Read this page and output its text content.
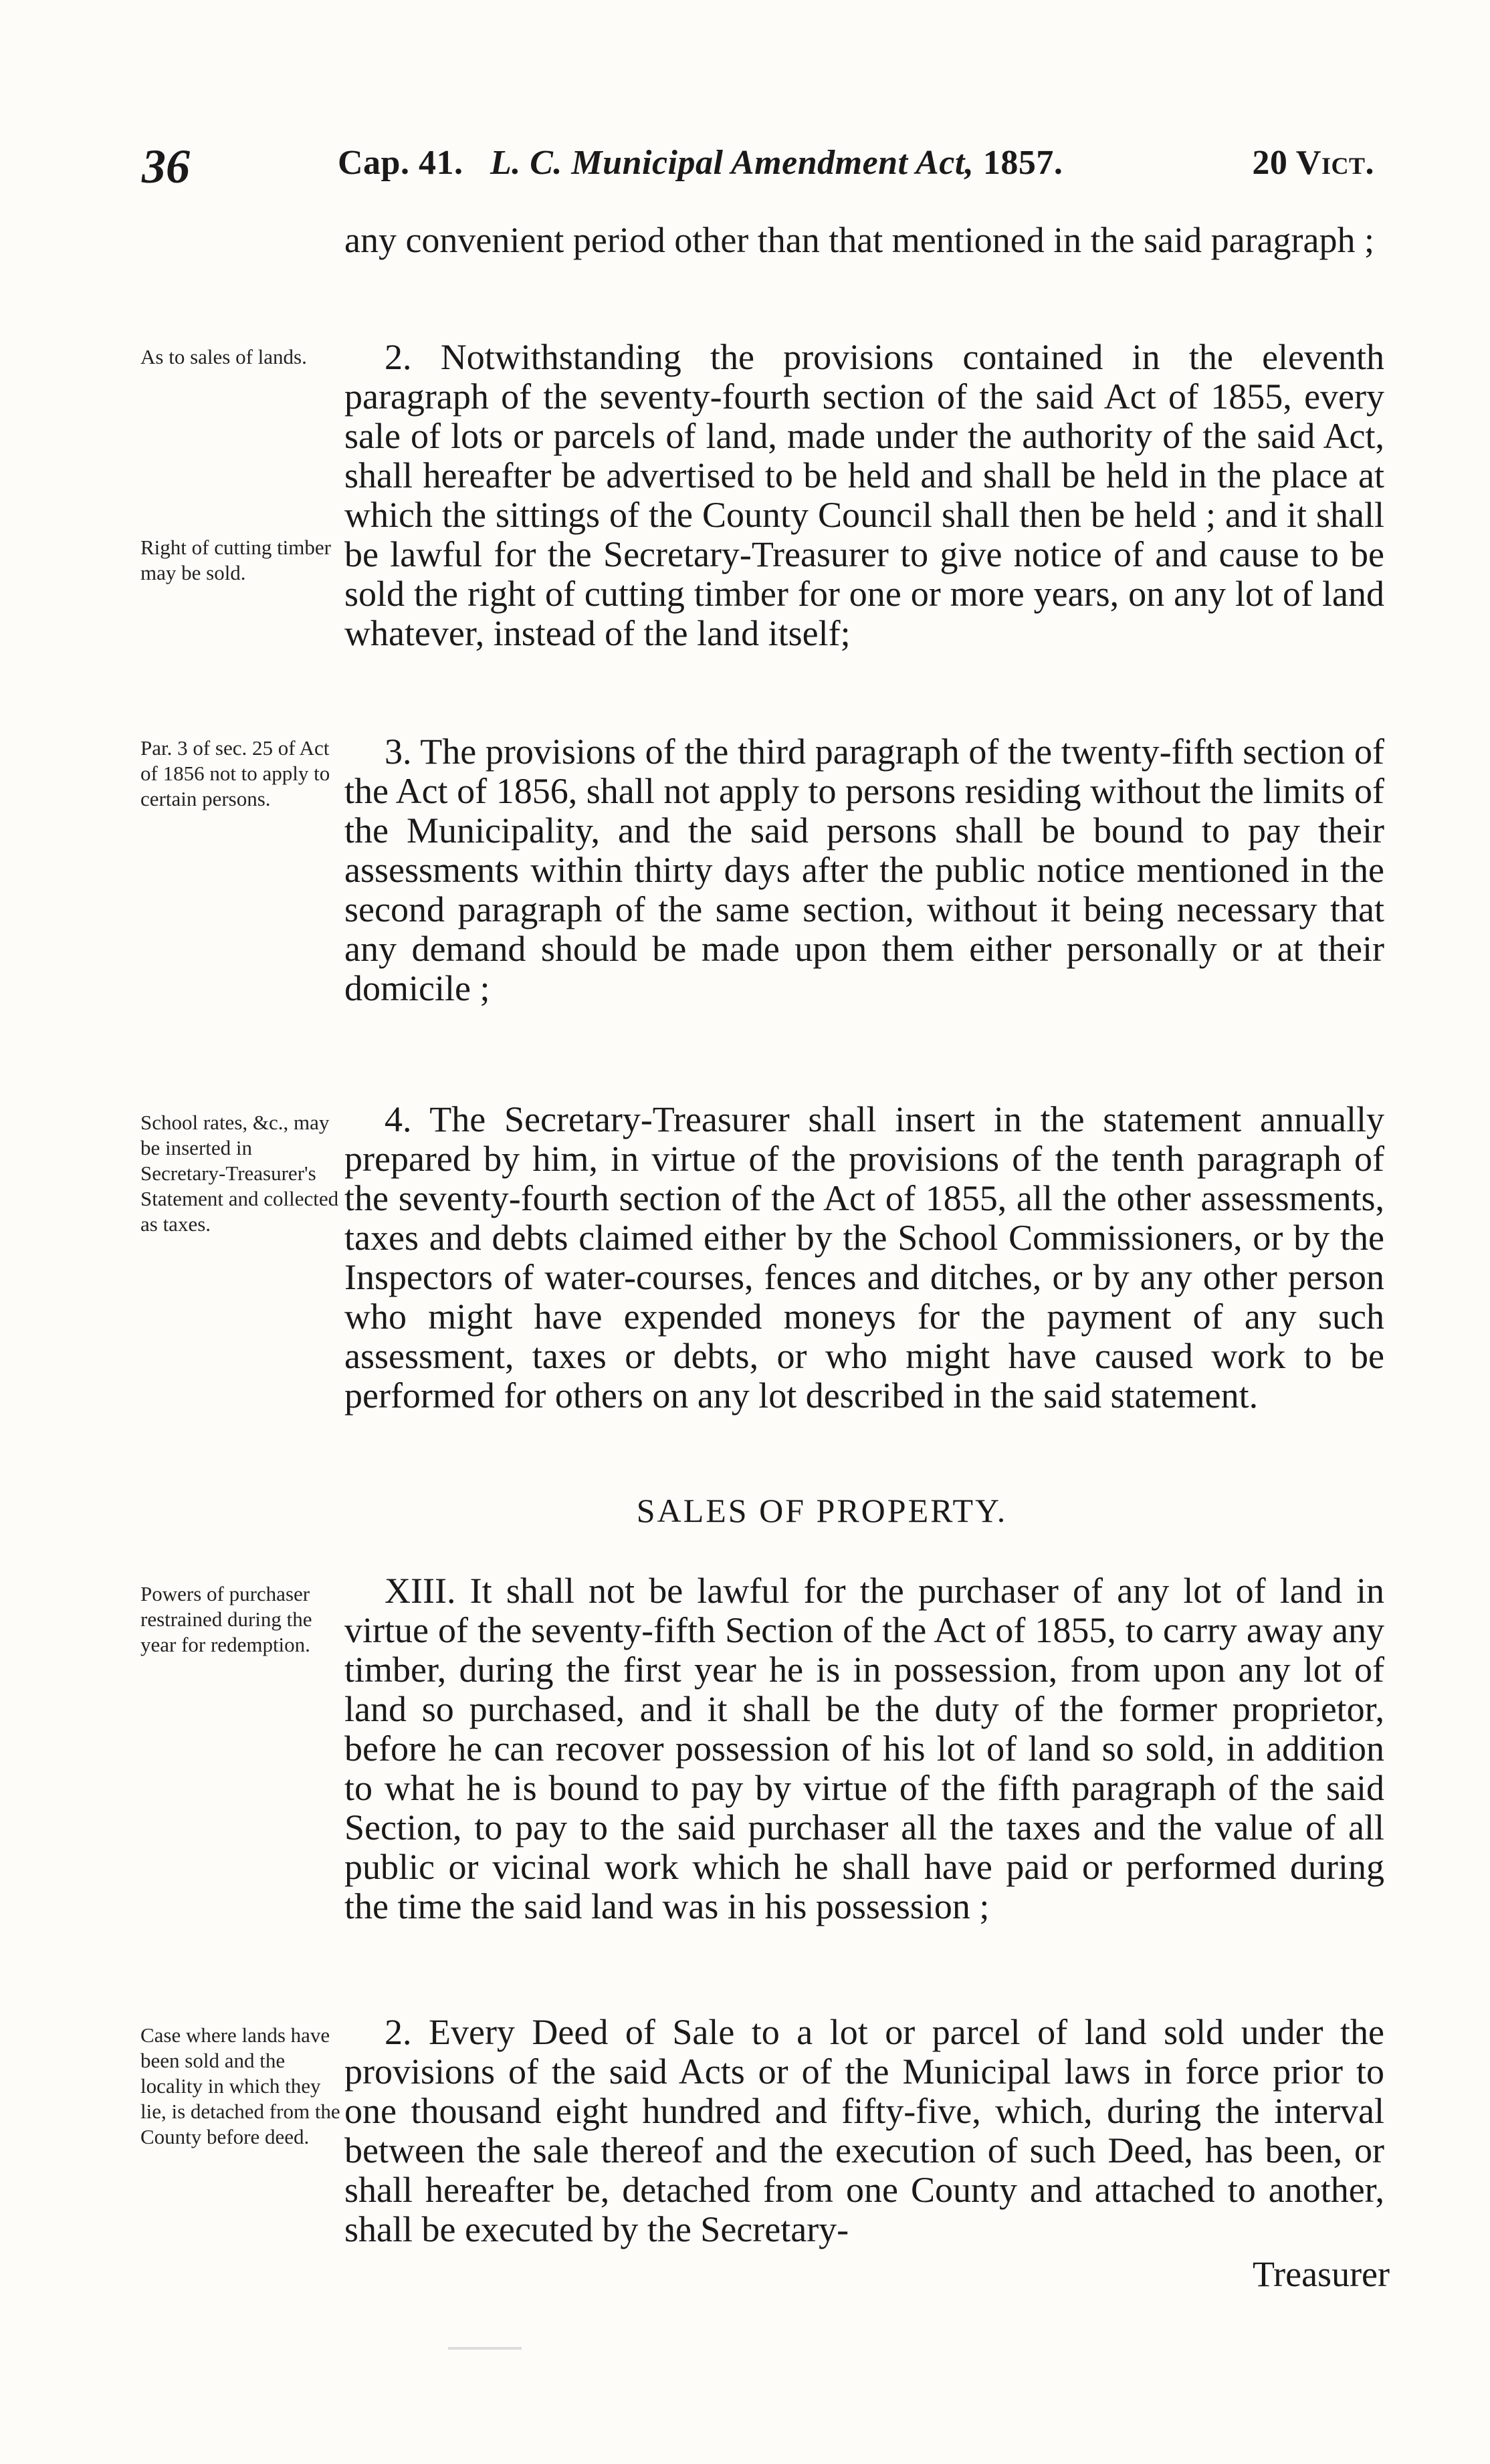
36	Cap. 41. L. C. Municipal Amendment Act, 1857.	20 Vict.

any convenient period other than that mentioned in the said paragraph ;

As to sales of lands.
Right of cutting timber may be sold.

2. Notwithstanding the provisions contained in the eleventh paragraph of the seventy-fourth section of the said Act of 1855, every sale of lots or parcels of land, made under the authority of the said Act, shall hereafter be advertised to be held and shall be held in the place at which the sittings of the County Council shall then be held ; and it shall be lawful for the Secretary-Treasurer to give notice of and cause to be sold the right of cutting timber for one or more years, on any lot of land whatever, instead of the land itself;

Par. 3 of sec. 25 of Act of 1856 not to apply to certain persons.

3. The provisions of the third paragraph of the twenty-fifth section of the Act of 1856, shall not apply to persons residing without the limits of the Municipality, and the said persons shall be bound to pay their assessments within thirty days after the public notice mentioned in the second paragraph of the same section, without it being necessary that any demand should be made upon them either personally or at their domicile ;

School rates, &c., may be inserted in Secretary-Treasurer's Statement and collected as taxes.

4. The Secretary-Treasurer shall insert in the statement annually prepared by him, in virtue of the provisions of the tenth paragraph of the seventy-fourth section of the Act of 1855, all the other assessments, taxes and debts claimed either by the School Commissioners, or by the Inspectors of water-courses, fences and ditches, or by any other person who might have expended moneys for the payment of any such assessment, taxes or debts, or who might have caused work to be performed for others on any lot described in the said statement.

SALES OF PROPERTY.
Powers of purchaser restrained during the year for redemption.

XIII. It shall not be lawful for the purchaser of any lot of land in virtue of the seventy-fifth Section of the Act of 1855, to carry away any timber, during the first year he is in possession, from upon any lot of land so purchased, and it shall be the duty of the former proprietor, before he can recover possession of his lot of land so sold, in addition to what he is bound to pay by virtue of the fifth paragraph of the said Section, to pay to the said purchaser all the taxes and the value of all public or vicinal work which he shall have paid or performed during the time the said land was in his possession ;

Case where lands have been sold and the locality in which they lie, is detached from the County before deed.

2. Every Deed of Sale to a lot or parcel of land sold under the provisions of the said Acts or of the Municipal laws in force prior to one thousand eight hundred and fifty-five, which, during the interval between the sale thereof and the execution of such Deed, has been, or shall hereafter be, detached from one County and attached to another, shall be executed by the Secretary-

Treasurer
